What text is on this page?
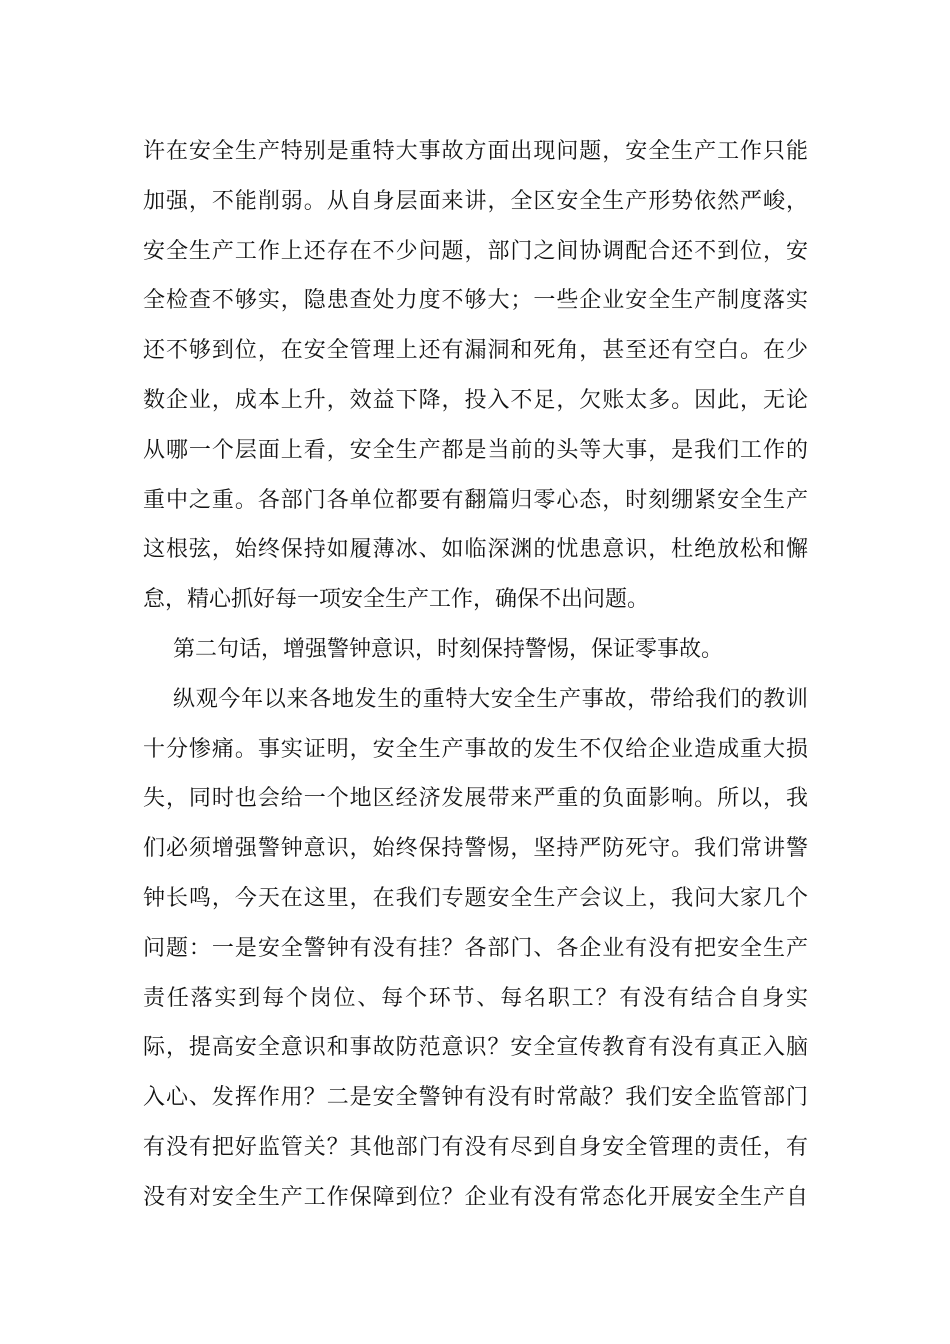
许在安全生产特别是重特大事故方面出现问题，安全生产工作只能
加强，不能削弱。从自身层面来讲，全区安全生产形势依然严峻，
安全生产工作上还存在不少问题，部门之间协调配合还不到位，安
全检查不够实，隐患查处力度不够大；一些企业安全生产制度落实
还不够到位，在安全管理上还有漏洞和死角，甚至还有空白。在少
数企业，成本上升，效益下降，投入不足，欠账太多。因此，无论
从哪一个层面上看，安全生产都是当前的头等大事，是我们工作的
重中之重。各部门各单位都要有翻篇归零心态，时刻绷紧安全生产
这根弦，始终保持如履薄冰、如临深渊的忧患意识，杜绝放松和懈
怠，精心抓好每一项安全生产工作，确保不出问题。
第二句话，增强警钟意识，时刻保持警惕，保证零事故。
纵观今年以来各地发生的重特大安全生产事故，带给我们的教训
十分惨痛。事实证明，安全生产事故的发生不仅给企业造成重大损
失，同时也会给一个地区经济发展带来严重的负面影响。所以，我
们必须增强警钟意识，始终保持警惕，坚持严防死守。我们常讲警
钟长鸣，今天在这里，在我们专题安全生产会议上，我问大家几个
问题：一是安全警钟有没有挂？各部门、各企业有没有把安全生产
责任落实到每个岗位、每个环节、每名职工？有没有结合自身实
际，提高安全意识和事故防范意识？安全宣传教育有没有真正入脑
入心、发挥作用？二是安全警钟有没有时常敲？我们安全监管部门
有没有把好监管关？其他部门有没有尽到自身安全管理的责任，有
没有对安全生产工作保障到位？企业有没有常态化开展安全生产自
